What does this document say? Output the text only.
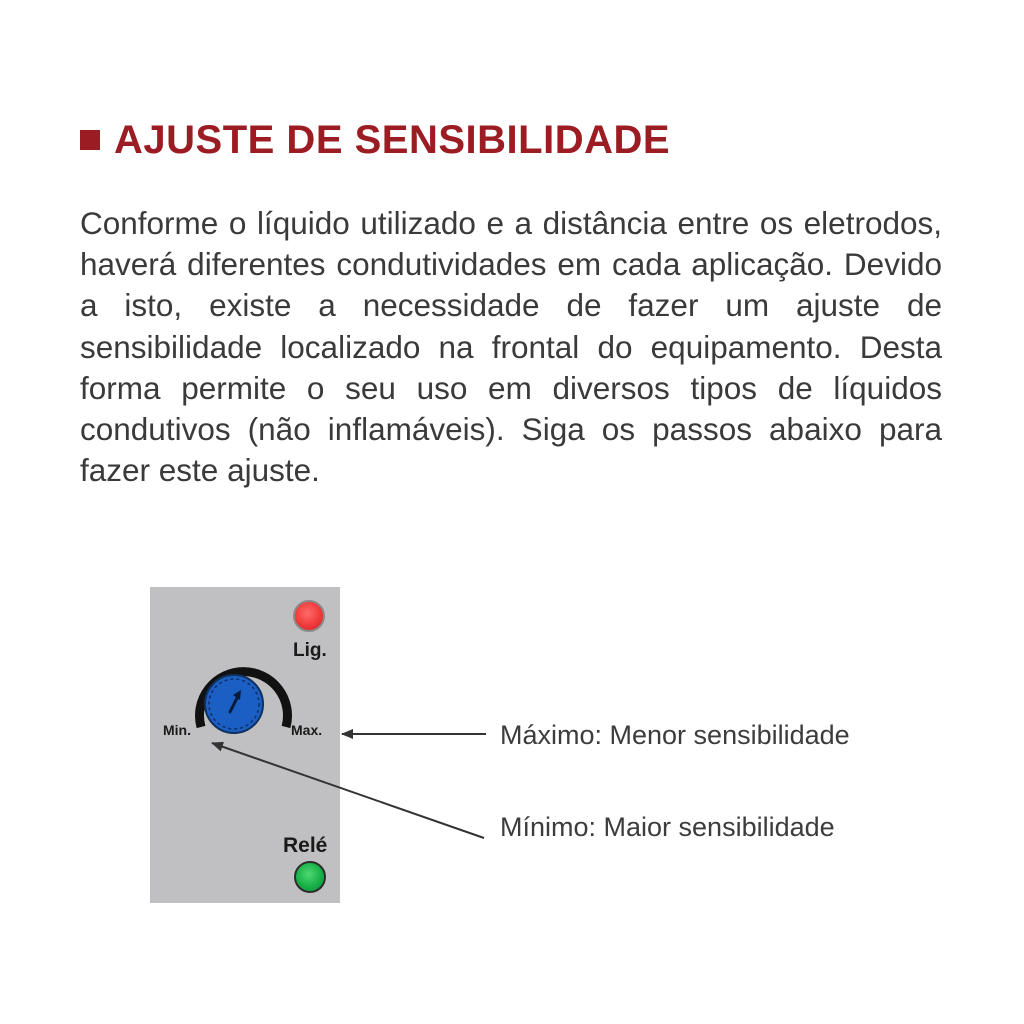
AJUSTE DE SENSIBILIDADE

Conforme o líquido utilizado e a distância entre os eletrodos, haverá diferentes condutividades em cada aplicação. Devido a isto, existe a necessidade de fazer um ajuste de sensibilidade localizado na frontal do equipamento. Desta forma permite o seu uso em diversos tipos de líquidos condutivos (não inflamáveis). Siga os passos abaixo para fazer este ajuste.

Lig.
Min.	Max.
Relé
Máximo: Menor sensibilidade
Mínimo: Maior sensibilidade
